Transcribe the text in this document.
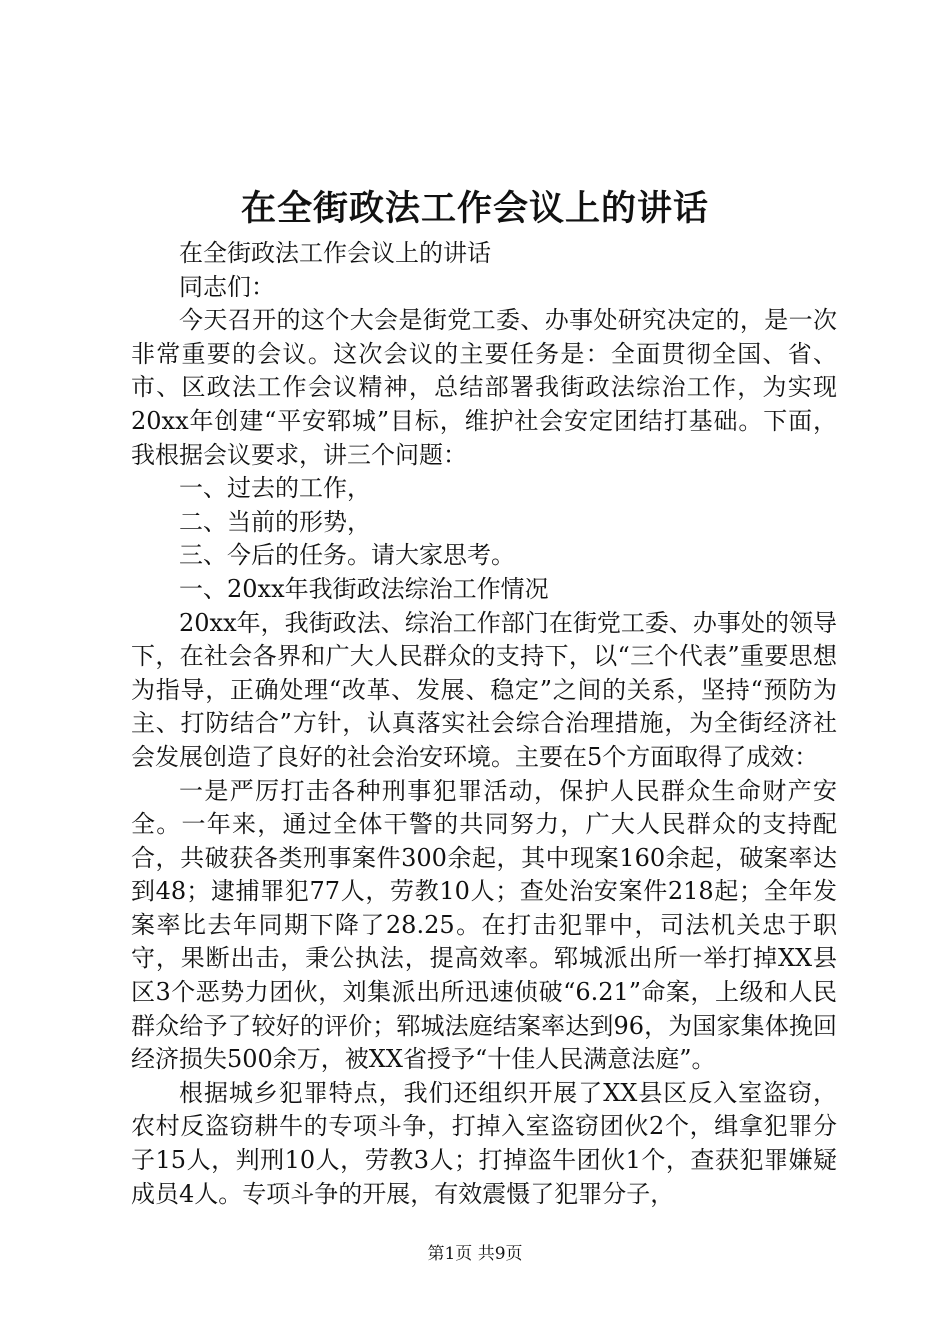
在全街政法工作会议上的讲话

在全街政法工作会议上的讲话

同志们：

今天召开的这个大会是街党工委、办事处研究决定的，是一次非常重要的会议。这次会议的主要任务是：全面贯彻全国、省、市、区政法工作会议精神，总结部署我街政法综治工作，为实现20xx年创建“平安郓城”目标，维护社会安定团结打基础。下面，我根据会议要求，讲三个问题：

一、过去的工作，

二、当前的形势，

三、今后的任务。请大家思考。

一、20xx年我街政法综治工作情况

20xx年，我街政法、综治工作部门在街党工委、办事处的领导下，在社会各界和广大人民群众的支持下，以“三个代表”重要思想为指导，正确处理“改革、发展、稳定”之间的关系，坚持“预防为主、打防结合”方针，认真落实社会综合治理措施，为全街经济社会发展创造了良好的社会治安环境。主要在5个方面取得了成效：

一是严厉打击各种刑事犯罪活动，保护人民群众生命财产安全。一年来，通过全体干警的共同努力，广大人民群众的支持配合，共破获各类刑事案件300余起，其中现案160余起，破案率达到48；逮捕罪犯77人，劳教10人；查处治安案件218起；全年发案率比去年同期下降了28.25。在打击犯罪中，司法机关忠于职守，果断出击，秉公执法，提高效率。郓城派出所一举打掉XX县区3个恶势力团伙，刘集派出所迅速侦破“6.21”命案，上级和人民群众给予了较好的评价；郓城法庭结案率达到96，为国家集体挽回经济损失500余万，被XX省授予“十佳人民满意法庭”。

根据城乡犯罪特点，我们还组织开展了XX县区反入室盗窃，农村反盗窃耕牛的专项斗争，打掉入室盗窃团伙2个，缉拿犯罪分子15人，判刑10人，劳教3人；打掉盗牛团伙1个，查获犯罪嫌疑成员4人。专项斗争的开展，有效震慑了犯罪分子，

第1页 共9页
